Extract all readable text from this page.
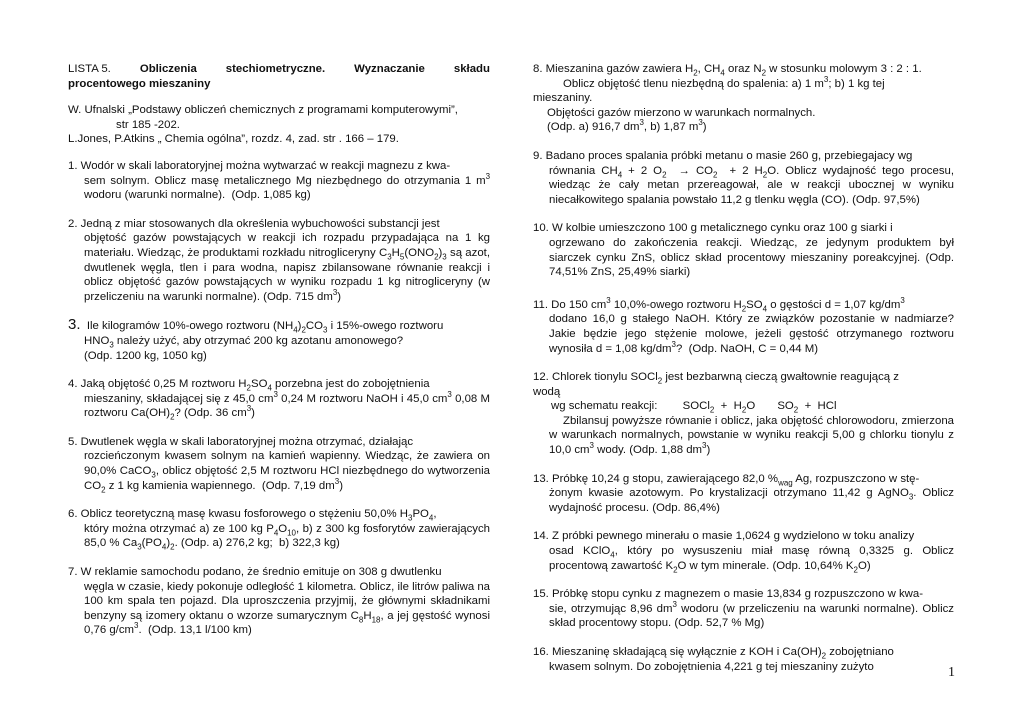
LISTA 5.	Obliczenia	stechiometryczne.	Wyznaczanie	składu
procentowego mieszaniny
W. Ufnalski „Podstawy obliczeń chemicznych z programami komputerowymi”,
str 185 -202.
L.Jones, P.Atkins „ Chemia ogólna”, rozdz. 4, zad. str . 166 – 179.
1. Wodór w skali laboratoryjnej można wytwarzać w reakcji magnezu z kwa-
sem solnym. Oblicz masę metalicznego Mg niezbędnego do otrzymania 1 $m^3$ wodoru (warunki normalne).  (Odp. 1,085 kg)
2. Jedną z miar stosowanych dla określenia wybuchowości substancji jest
objętość gazów powstających w reakcji ich rozpadu przypadająca na 1 kg materiału. Wiedząc, że produktami rozkładu nitrogliceryny $C_3H_5(ONO_2)_3$ są azot, dwutlenek węgla, tlen i para wodna, napisz zbilansowane równanie reakcji i oblicz objętość gazów powstających w wyniku rozpadu 1 kg nitrogliceryny (w przeliczeniu na warunki normalne). (Odp. 715 $dm^3$)
3.  Ile kilogramów 10%-owego roztworu $(NH_4)_2CO_3$ i 15%-owego roztworu
$HNO_3$ należy użyć, aby otrzymać 200 kg azotanu amonowego?
(Odp. 1200 kg, 1050 kg)
4. Jaką objętość 0,25 M roztworu $H_2SO_4$ porzebna jest do zobojętnienia
mieszaniny, składającej się z 45,0 $cm^3$ 0,24 M roztworu NaOH i 45,0 $cm^3$ 0,08 M roztworu $Ca(OH)_2$? (Odp. 36 $cm^3$)
5. Dwutlenek węgla w skali laboratoryjnej można otrzymać, działając
rozcieńczonym kwasem solnym na kamień wapienny. Wiedząc, że zawiera on 90,0% CaCO$_3$, oblicz objętość 2,5 M roztworu HCl niezbędnego do wytworzenia $CO_2$ z 1 kg kamienia wapiennego.  (Odp. 7,19 $dm^3$)
6. Oblicz teoretyczną masę kwasu fosforowego o stężeniu 50,0% $H_3PO_4$,
który można otrzymać a) ze 100 kg $P_4O_{10}$, b) z 300 kg fosforytów zawierających 85,0 % $Ca_3(PO_4)_2$. (Odp. a) 276,2 kg;  b) 322,3 kg)
7. W reklamie samochodu podano, że średnio emituje on 308 g dwutlenku
węgla w czasie, kiedy pokonuje odległość 1 kilometra. Oblicz, ile litrów paliwa na 100 km spala ten pojazd. Dla uproszczenia przyjmij, że głównymi składnikami benzyny są izomery oktanu o wzorze sumarycznym $C_8H_{18}$, a jej gęstość wynosi 0,76 $g/cm^3$.  (Odp. 13,1 l/100 km)
8. Mieszanina gazów zawiera $H_2$, $CH_4$ oraz $N_2$ w stosunku molowym 3 : 2 : 1.
Oblicz objętość tlenu niezbędną do spalenia: a) 1 $m^3$; b) 1 kg tej
mieszaniny.
Objętości gazów mierzono w warunkach normalnych.
(Odp. a) 916,7 $dm^3$, b) 1,87 $m^3$)
9. Badano proces spalania próbki metanu o masie 260 g, przebiegajacy wg
równania $CH_4 + 2$ $O_2 \to CO_2 + 2$ $H_2O$. Oblicz wydajność tego procesu, wiedząc że cały metan przereagował, ale w reakcji ubocznej w wyniku niecałkowitego spalania powstało 11,2 g tlenku węgla (CO). (Odp. 97,5%)
10. W kolbie umieszczono 100 g metalicznego cynku oraz 100 g siarki i
ogrzewano do zakończenia reakcji. Wiedząc, ze jedynym produktem był siarczek cynku ZnS, oblicz skład procentowy mieszaniny poreakcyjnej. (Odp. 74,51% ZnS, 25,49% siarki)
11. Do 150 $cm^3$ 10,0%-owego roztworu $H_2SO_4$ o gęstości d = 1,07 $kg/dm^3$
dodano 16,0 g stałego NaOH. Który ze związków pozostanie w nadmiarze? Jakie będzie jego stężenie molowe, jeżeli gęstość otrzymanego roztworu wynosiła d = 1,08 $kg/dm^3$?  (Odp. NaOH, C = 0,44 M)
12. Chlorek tionylu SOCl$_2$ jest bezbarwną cieczą gwałtownie reagującą z
wodą
wg schematu reakcji:        SOCl$_2$  +  $H_2O$       $SO_2$  +  HCl
Zbilansuj powyższe równanie i oblicz, jaka objętość chlorowodoru, zmierzona w warunkach normalnych, powstanie w wyniku reakcji 5,00 g chlorku tionylu z 10,0 $cm^3$ wody. (Odp. 1,88 $dm^3$)
13. Próbkę 10,24 g stopu, zawierającego 82,0 $\%_{wag}$ Ag, rozpuszczono w stę-
żonym kwasie azotowym. Po krystalizacji otrzymano 11,42 g AgNO$_3$. Oblicz wydajność procesu. (Odp. 86,4%)
14. Z próbki pewnego minerału o masie 1,0624 g wydzielono w toku analizy
osad KClO$_4$, który po wysuszeniu miał masę równą 0,3325 g. Oblicz procentową zawartość $K_2O$ w tym minerale. (Odp. 10,64% $K_2O$)
15. Próbkę stopu cynku z magnezem o masie 13,834 g rozpuszczono w kwa-
sie, otrzymując 8,96 $dm^3$ wodoru (w przeliczeniu na warunki normalne). Oblicz skład procentowy stopu. (Odp. 52,7 % Mg)
16. Mieszaninę składającą się wyłącznie z KOH i $Ca(OH)_2$ zobojętniano
kwasem solnym. Do zobojętnienia 4,221 g tej mieszaniny zużyto	1
